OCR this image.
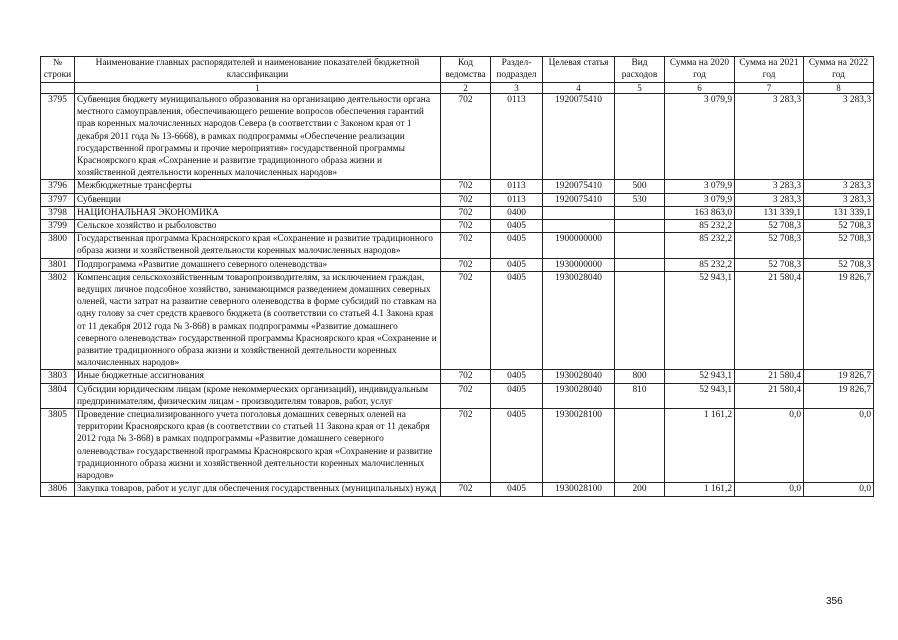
№ строки	Наименование главных распорядителей и наименование показателей бюджетной классификации	Код ведомства	Раздел-подраздел	Целевая статья	Вид расходов	Сумма на 2020 год	Сумма на 2021 год	Сумма на 2022 год
	1	2	3	4	5	6	7	8
3795	Субвенция бюджету муниципального образования на организацию деятельности органа местного самоуправления, обеспечивающего решение вопросов обеспечения гарантий прав коренных малочисленных народов Севера (в соответствии с Законом края от 1 декабря 2011 года № 13-6668), в рамках подпрограммы «Обеспечение реализации государственной программы и прочие мероприятия» государственной программы Красноярского края «Сохранение и развитие традиционного образа жизни и хозяйственной деятельности коренных малочисленных народов»	702	0113	1920075410		3 079,9	3 283,3	3 283,3
3796	Межбюджетные трансферты	702	0113	1920075410	500	3 079,9	3 283,3	3 283,3
3797	Субвенции	702	0113	1920075410	530	3 079,9	3 283,3	3 283,3
3798	НАЦИОНАЛЬНАЯ ЭКОНОМИКА	702	0400			163 863,0	131 339,1	131 339,1
3799	Сельское хозяйство и рыболовство	702	0405			85 232,2	52 708,3	52 708,3
3800	Государственная программа Красноярского края «Сохранение и развитие традиционного образа жизни и хозяйственной деятельности коренных малочисленных народов»	702	0405	1900000000		85 232,2	52 708,3	52 708,3
3801	Подпрограмма «Развитие домашнего северного оленеводства»	702	0405	1930000000		85 232,2	52 708,3	52 708,3
3802	Компенсация сельскохозяйственным товаропроизводителям, за исключением граждан, ведущих личное подсобное хозяйство, занимающимся разведением домашних северных оленей, части затрат на развитие северного оленеводства в форме субсидий по ставкам на одну голову за счет средств краевого бюджета (в соответствии со статьей 4.1 Закона края от 11 декабря 2012 года № 3-868) в рамках подпрограммы «Развитие домашнего северного оленеводства» государственной программы Красноярского края «Сохранение и развитие традиционного образа жизни и хозяйственной деятельности коренных малочисленных народов»	702	0405	1930028040		52 943,1	21 580,4	19 826,7
3803	Иные бюджетные ассигнования	702	0405	1930028040	800	52 943,1	21 580,4	19 826,7
3804	Субсидии юридическим лицам (кроме некоммерческих организаций), индивидуальным предпринимателям, физическим лицам - производителям товаров, работ, услуг	702	0405	1930028040	810	52 943,1	21 580,4	19 826,7
3805	Проведение специализированного учета поголовья домашних северных оленей на территории Красноярского края (в соответствии со статьей 11 Закона края от 11 декабря 2012 года № 3-868) в рамках подпрограммы «Развитие домашнего северного оленеводства» государственной программы Красноярского края «Сохранение и развитие традиционного образа жизни и хозяйственной деятельности коренных малочисленных народов»	702	0405	1930028100		1 161,2	0,0	0,0
3806	Закупка товаров, работ и услуг для обеспечения государственных (муниципальных) нужд	702	0405	1930028100	200	1 161,2	0,0	0,0
356
